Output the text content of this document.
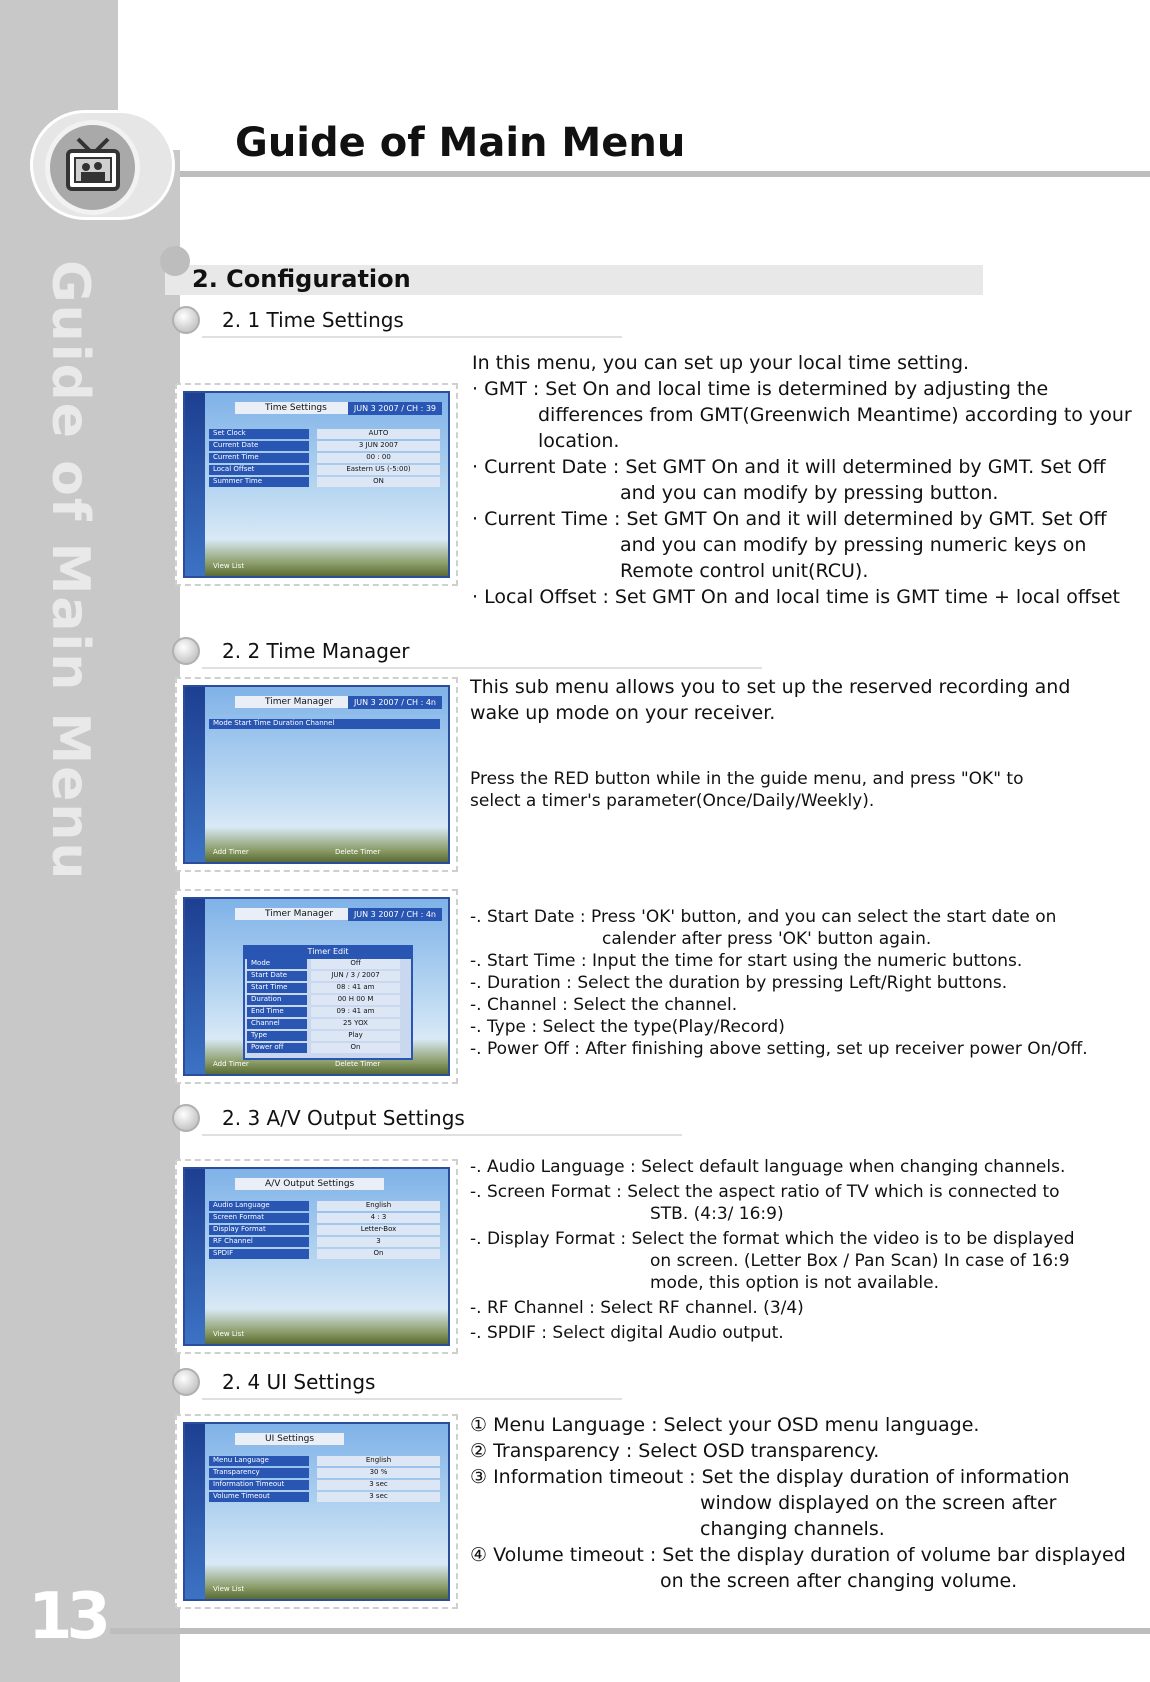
Guide of Main Menu
13
Guide of Main Menu
2. Configuration
2. 1 Time Settings
Time Settings	JUN 3 2007 / CH : 39
Set Clock	AUTO
Current Date	3 JUN 2007
Current Time	00 : 00
Local Offset	Eastern US (-5:00)
Summer Time	ON
View List
In this menu, you can set up your local time setting.
· GMT : Set On and local time is determined by adjusting the
differences from GMT(Greenwich Meantime) according to your
location.
· Current Date : Set GMT On and it will determined by GMT. Set Off
and you can modify by pressing button.
· Current Time : Set GMT On and it will determined by GMT. Set Off
and you can modify by pressing numeric keys on
Remote control unit(RCU).
· Local Offset : Set GMT On and local time is GMT time + local offset
2. 2 Time Manager
Timer Manager	JUN 3 2007 / CH : 4n
Mode Start Time Duration Channel
Add Timer	Delete Timer
This sub menu allows you to set up the reserved recording and
wake up mode on your receiver.
Press the RED button while in the guide menu, and press "OK" to
select a timer's parameter(Once/Daily/Weekly).
Timer Manager	JUN 3 2007 / CH : 4n
Timer Edit
Mode	Off
Start Date	JUN / 3 / 2007
Start Time	08 : 41 am
Duration	00 H 00 M
End Time	09 : 41 am
Channel	25 YOX
Type	Play
Power off	On
Add Timer	Delete Timer
-. Start Date : Press 'OK' button, and you can select the start date on
calender after press 'OK' button again.
-. Start Time : Input the time for start using the numeric buttons.
-. Duration : Select the duration by pressing Left/Right buttons.
-. Channel : Select the channel.
-. Type : Select the type(Play/Record)
-. Power Off : After finishing above setting, set up receiver power On/Off.
2. 3 A/V Output Settings
A/V Output Settings
Audio Language	English
Screen Format	4 : 3
Display Format	Letter-Box
RF Channel	3
SPDIF	On
View List
-. Audio Language : Select default language when changing channels.
-. Screen Format : Select the aspect ratio of TV which is connected to
STB. (4:3/ 16:9)
-. Display Format : Select the format which the video is to be displayed
on screen. (Letter Box / Pan Scan) In case of 16:9
mode, this option is not available.
-. RF Channel : Select RF channel. (3/4)
-. SPDIF : Select digital Audio output.
2. 4 UI Settings
UI Settings
Menu Language	English
Transparency	30 %
Information Timeout	3 sec
Volume Timeout	3 sec
View List
① Menu Language : Select your OSD menu language.
② Transparency : Select OSD transparency.
③ Information timeout : Set the display duration of information
window displayed on the screen after
changing channels.
④ Volume timeout : Set the display duration of volume bar displayed
on the screen after changing volume.
